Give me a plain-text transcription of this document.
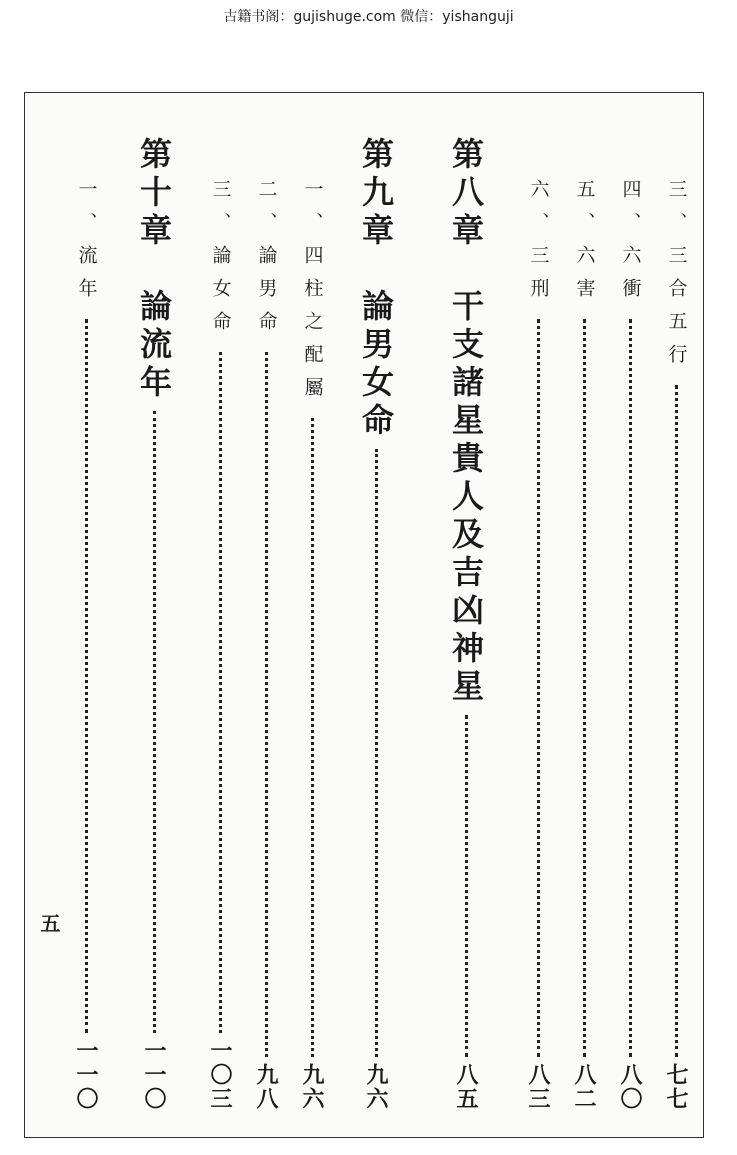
古籍书阁：gujishuge.com 微信：yishanguji
三、三合五行
七七
四、六衝
八〇
五、六害
八二
六、三刑
八三
第八章　干支諸星貴人及吉凶神星
八五
第九章　論男女命
九六
一、四柱之配屬
九六
二、論男命
九八
三、論女命
一〇三
第十章　論流年
一一〇
一、流年
一一〇
五
